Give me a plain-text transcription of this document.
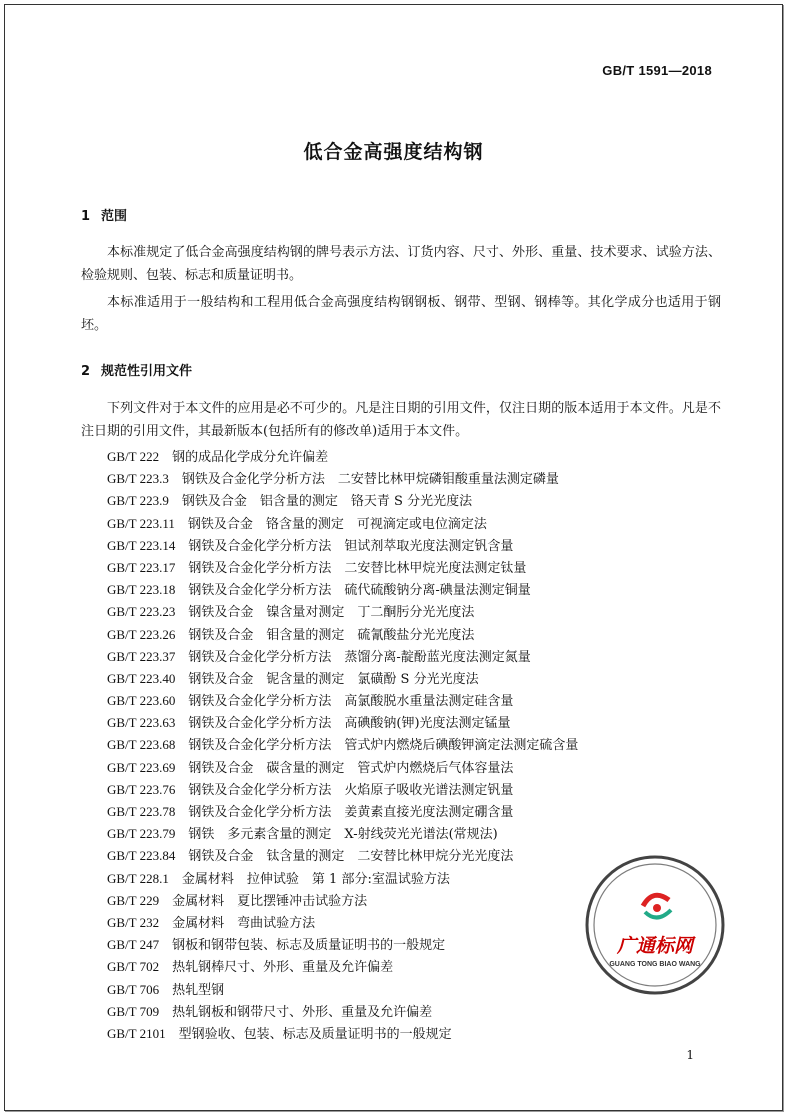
GB/T 1591—2018
低合金高强度结构钢
1 范围
本标准规定了低合金高强度结构钢的牌号表示方法、订货内容、尺寸、外形、重量、技术要求、试验方法、检验规则、包装、标志和质量证明书。
本标准适用于一般结构和工程用低合金高强度结构钢钢板、钢带、型钢、钢棒等。其化学成分也适用于钢坯。
2 规范性引用文件
下列文件对于本文件的应用是必不可少的。凡是注日期的引用文件，仅注日期的版本适用于本文件。凡是不注日期的引用文件，其最新版本(包括所有的修改单)适用于本文件。
GB/T 222　 钢的成品化学成分允许偏差
GB/T 223.3　 钢铁及合金化学分析方法　二安替比林甲烷磷钼酸重量法测定磷量
GB/T 223.9　 钢铁及合金　铝含量的测定　铬天青 S 分光光度法
GB/T 223.11　 钢铁及合金　铬含量的测定　可视滴定或电位滴定法
GB/T 223.14　 钢铁及合金化学分析方法　钽试剂萃取光度法测定钒含量
GB/T 223.17　 钢铁及合金化学分析方法　二安替比林甲烷光度法测定钛量
GB/T 223.18　 钢铁及合金化学分析方法　硫代硫酸钠分离-碘量法测定铜量
GB/T 223.23　 钢铁及合金　镍含量对测定　丁二酮肟分光光度法
GB/T 223.26　 钢铁及合金　钼含量的测定　硫氰酸盐分光光度法
GB/T 223.37　 钢铁及合金化学分析方法　蒸馏分离-靛酚蓝光度法测定氮量
GB/T 223.40　 钢铁及合金　铌含量的测定　氯磺酚 S 分光光度法
GB/T 223.60　 钢铁及合金化学分析方法　高氯酸脱水重量法测定硅含量
GB/T 223.63　 钢铁及合金化学分析方法　高碘酸钠(钾)光度法测定锰量
GB/T 223.68　 钢铁及合金化学分析方法　管式炉内燃烧后碘酸钾滴定法测定硫含量
GB/T 223.69　 钢铁及合金　碳含量的测定　管式炉内燃烧后气体容量法
GB/T 223.76　 钢铁及合金化学分析方法　火焰原子吸收光谱法测定钒量
GB/T 223.78　 钢铁及合金化学分析方法　姜黄素直接光度法测定硼含量
GB/T 223.79　 钢铁　多元素含量的测定　X-射线荧光光谱法(常规法)
GB/T 223.84　 钢铁及合金　钛含量的测定　二安替比林甲烷分光光度法
GB/T 228.1　 金属材料　拉伸试验　第 1 部分:室温试验方法
GB/T 229　 金属材料　夏比摆锤冲击试验方法
GB/T 232　 金属材料　弯曲试验方法
GB/T 247　 钢板和钢带包装、标志及质量证明书的一般规定
GB/T 702　 热轧钢棒尺寸、外形、重量及允许偏差
GB/T 706　 热轧型钢
GB/T 709　 热轧钢板和钢带尺寸、外形、重量及允许偏差
GB/T 2101　 型钢验收、包装、标志及质量证明书的一般规定
广通标网
GUANG TONG BIAO WANG
1
